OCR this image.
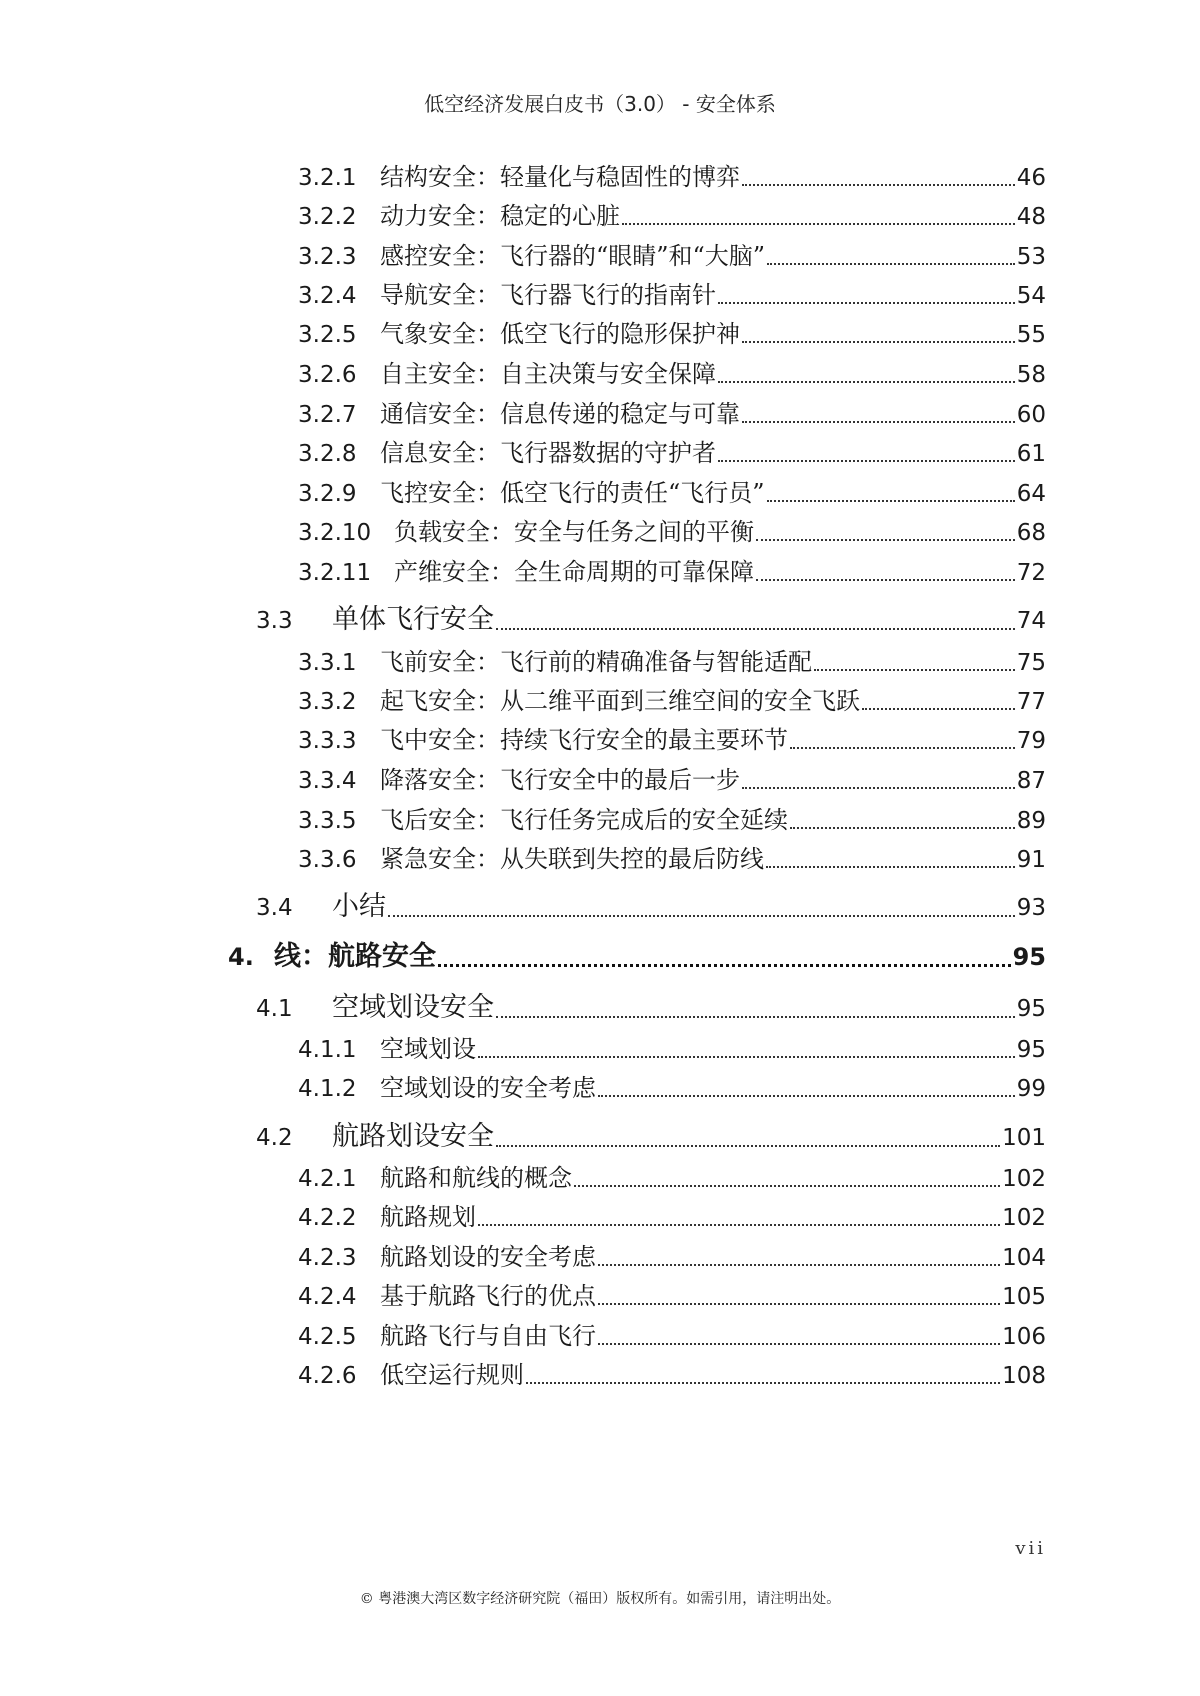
低空经济发展白皮书（3.0） - 安全体系
3.2.1 结构安全：轻量化与稳固性的博弈	46
3.2.2 动力安全：稳定的心脏	48
3.2.3 感控安全：飞行器的“眼睛”和“大脑”	53
3.2.4 导航安全：飞行器飞行的指南针	54
3.2.5 气象安全：低空飞行的隐形保护神	55
3.2.6 自主安全：自主决策与安全保障	58
3.2.7 通信安全：信息传递的稳定与可靠	60
3.2.8 信息安全：飞行器数据的守护者	61
3.2.9 飞控安全：低空飞行的责任“飞行员”	64
3.2.10 负载安全：安全与任务之间的平衡	68
3.2.11 产维安全：全生命周期的可靠保障	72
3.3	单体飞行安全	74
3.3.1 飞前安全：飞行前的精确准备与智能适配	75
3.3.2 起飞安全：从二维平面到三维空间的安全飞跃	77
3.3.3 飞中安全：持续飞行安全的最主要环节	79
3.3.4 降落安全：飞行安全中的最后一步	87
3.3.5 飞后安全：飞行任务完成后的安全延续	89
3.3.6 紧急安全：从失联到失控的最后防线	91
3.4	小结	93
4. 线：航路安全	95
4.1	空域划设安全	95
4.1.1 空域划设	95
4.1.2 空域划设的安全考虑	99
4.2	航路划设安全	101
4.2.1 航路和航线的概念	102
4.2.2 航路规划	102
4.2.3 航路划设的安全考虑	104
4.2.4 基于航路飞行的优点	105
4.2.5 航路飞行与自由飞行	106
4.2.6 低空运行规则	108
vii
© 粤港澳大湾区数字经济研究院（福田）版权所有。如需引用，请注明出处。
